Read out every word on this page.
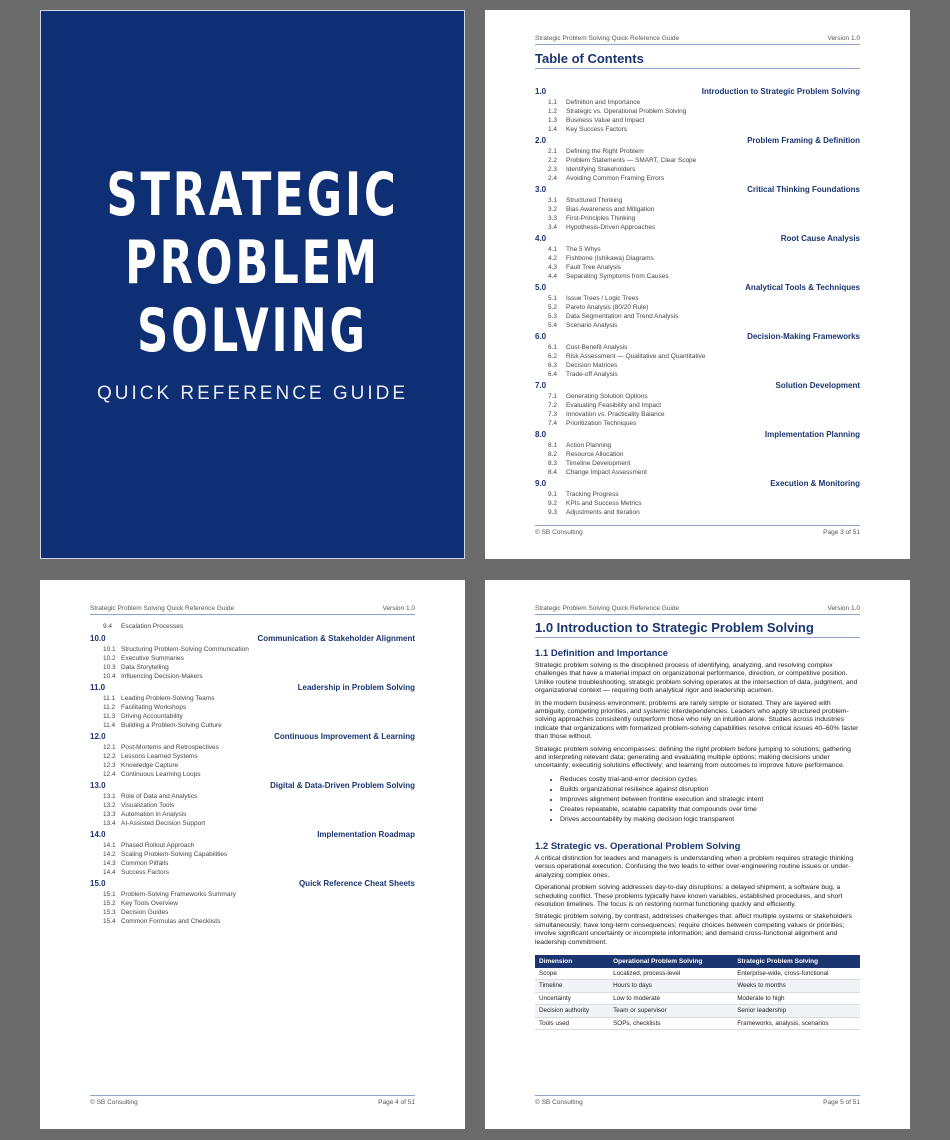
STRATEGIC
PROBLEM
SOLVING
QUICK REFERENCE GUIDE
Strategic Problem Solving Quick Reference Guide	Version 1.0
Table of Contents
1.0	Introduction to Strategic Problem Solving
1.1 Definition and Importance
1.2 Strategic vs. Operational Problem Solving
1.3 Business Value and Impact
1.4 Key Success Factors
2.0	Problem Framing & Definition
2.1 Defining the Right Problem
2.2 Problem Statements — SMART, Clear Scope
2.3 Identifying Stakeholders
2.4 Avoiding Common Framing Errors
3.0	Critical Thinking Foundations
3.1 Structured Thinking
3.2 Bias Awareness and Mitigation
3.3 First-Principles Thinking
3.4 Hypothesis-Driven Approaches
4.0	Root Cause Analysis
4.1 The 5 Whys
4.2 Fishbone (Ishikawa) Diagrams
4.3 Fault Tree Analysis
4.4 Separating Symptoms from Causes
5.0	Analytical Tools & Techniques
5.1 Issue Trees / Logic Trees
5.2 Pareto Analysis (80/20 Rule)
5.3 Data Segmentation and Trend Analysis
5.4 Scenario Analysis
6.0	Decision-Making Frameworks
6.1 Cost-Benefit Analysis
6.2 Risk Assessment — Qualitative and Quantitative
6.3 Decision Matrices
6.4 Trade-off Analysis
7.0	Solution Development
7.1 Generating Solution Options
7.2 Evaluating Feasibility and Impact
7.3 Innovation vs. Practicality Balance
7.4 Prioritization Techniques
8.0	Implementation Planning
8.1 Action Planning
8.2 Resource Allocation
8.3 Timeline Development
8.4 Change Impact Assessment
9.0	Execution & Monitoring
9.1 Tracking Progress
9.2 KPIs and Success Metrics
9.3 Adjustments and Iteration
© SB Consulting	Page 3 of 51
Strategic Problem Solving Quick Reference Guide	Version 1.0
9.4 Escalation Processes
10.0	Communication & Stakeholder Alignment
10.1 Structuring Problem-Solving Communication
10.2 Executive Summaries
10.3 Data Storytelling
10.4 Influencing Decision-Makers
11.0	Leadership in Problem Solving
11.1 Leading Problem-Solving Teams
11.2 Facilitating Workshops
11.3 Driving Accountability
11.4 Building a Problem-Solving Culture
12.0	Continuous Improvement & Learning
12.1 Post-Mortems and Retrospectives
12.2 Lessons Learned Systems
12.3 Knowledge Capture
12.4 Continuous Learning Loops
13.0	Digital & Data-Driven Problem Solving
13.1 Role of Data and Analytics
13.2 Visualization Tools
13.3 Automation in Analysis
13.4 AI-Assisted Decision Support
14.0	Implementation Roadmap
14.1 Phased Rollout Approach
14.2 Scaling Problem-Solving Capabilities
14.3 Common Pitfalls
14.4 Success Factors
15.0	Quick Reference Cheat Sheets
15.1 Problem-Solving Frameworks Summary
15.2 Key Tools Overview
15.3 Decision Guides
15.4 Common Formulas and Checklists
© SB Consulting	Page 4 of 51
Strategic Problem Solving Quick Reference Guide	Version 1.0
1.0 Introduction to Strategic Problem Solving
1.1 Definition and Importance

Strategic problem solving is the disciplined process of identifying, analyzing, and resolving complex challenges that have a material impact on organizational performance, direction, or competitive position. Unlike routine troubleshooting, strategic problem solving operates at the intersection of data, judgment, and organizational context — requiring both analytical rigor and leadership acumen.

In the modern business environment, problems are rarely simple or isolated. They are layered with ambiguity, competing priorities, and systemic interdependencies. Leaders who apply structured problem-solving approaches consistently outperform those who rely on intuition alone. Studies across industries indicate that organizations with formalized problem-solving capabilities resolve critical issues 40–60% faster than those without.

Strategic problem solving encompasses: defining the right problem before jumping to solutions; gathering and interpreting relevant data; generating and evaluating multiple options; making decisions under uncertainty; executing solutions effectively; and learning from outcomes to improve future performance.

• Reduces costly trial-and-error decision cycles
• Builds organizational resilience against disruption
• Improves alignment between frontline execution and strategic intent
• Creates repeatable, scalable capability that compounds over time
• Drives accountability by making decision logic transparent
1.2 Strategic vs. Operational Problem Solving

A critical distinction for leaders and managers is understanding when a problem requires strategic thinking versus operational execution. Confusing the two leads to either over-engineering routine issues or under-analyzing complex ones.

Operational problem solving addresses day-to-day disruptions: a delayed shipment, a software bug, a scheduling conflict. These problems typically have known variables, established procedures, and short resolution timelines. The focus is on restoring normal functioning quickly and efficiently.

Strategic problem solving, by contrast, addresses challenges that: affect multiple systems or stakeholders simultaneously; have long-term consequences; require choices between competing values or priorities; involve significant uncertainty or incomplete information; and demand cross-functional alignment and leadership commitment.

Dimension	Operational Problem Solving	Strategic Problem Solving
Scope	Localized, process-level	Enterprise-wide, cross-functional
Timeline	Hours to days	Weeks to months
Uncertainty	Low to moderate	Moderate to high
Decision authority	Team or supervisor	Senior leadership
Tools used	SOPs, checklists	Frameworks, analysis, scenarios
© SB Consulting	Page 5 of 51
